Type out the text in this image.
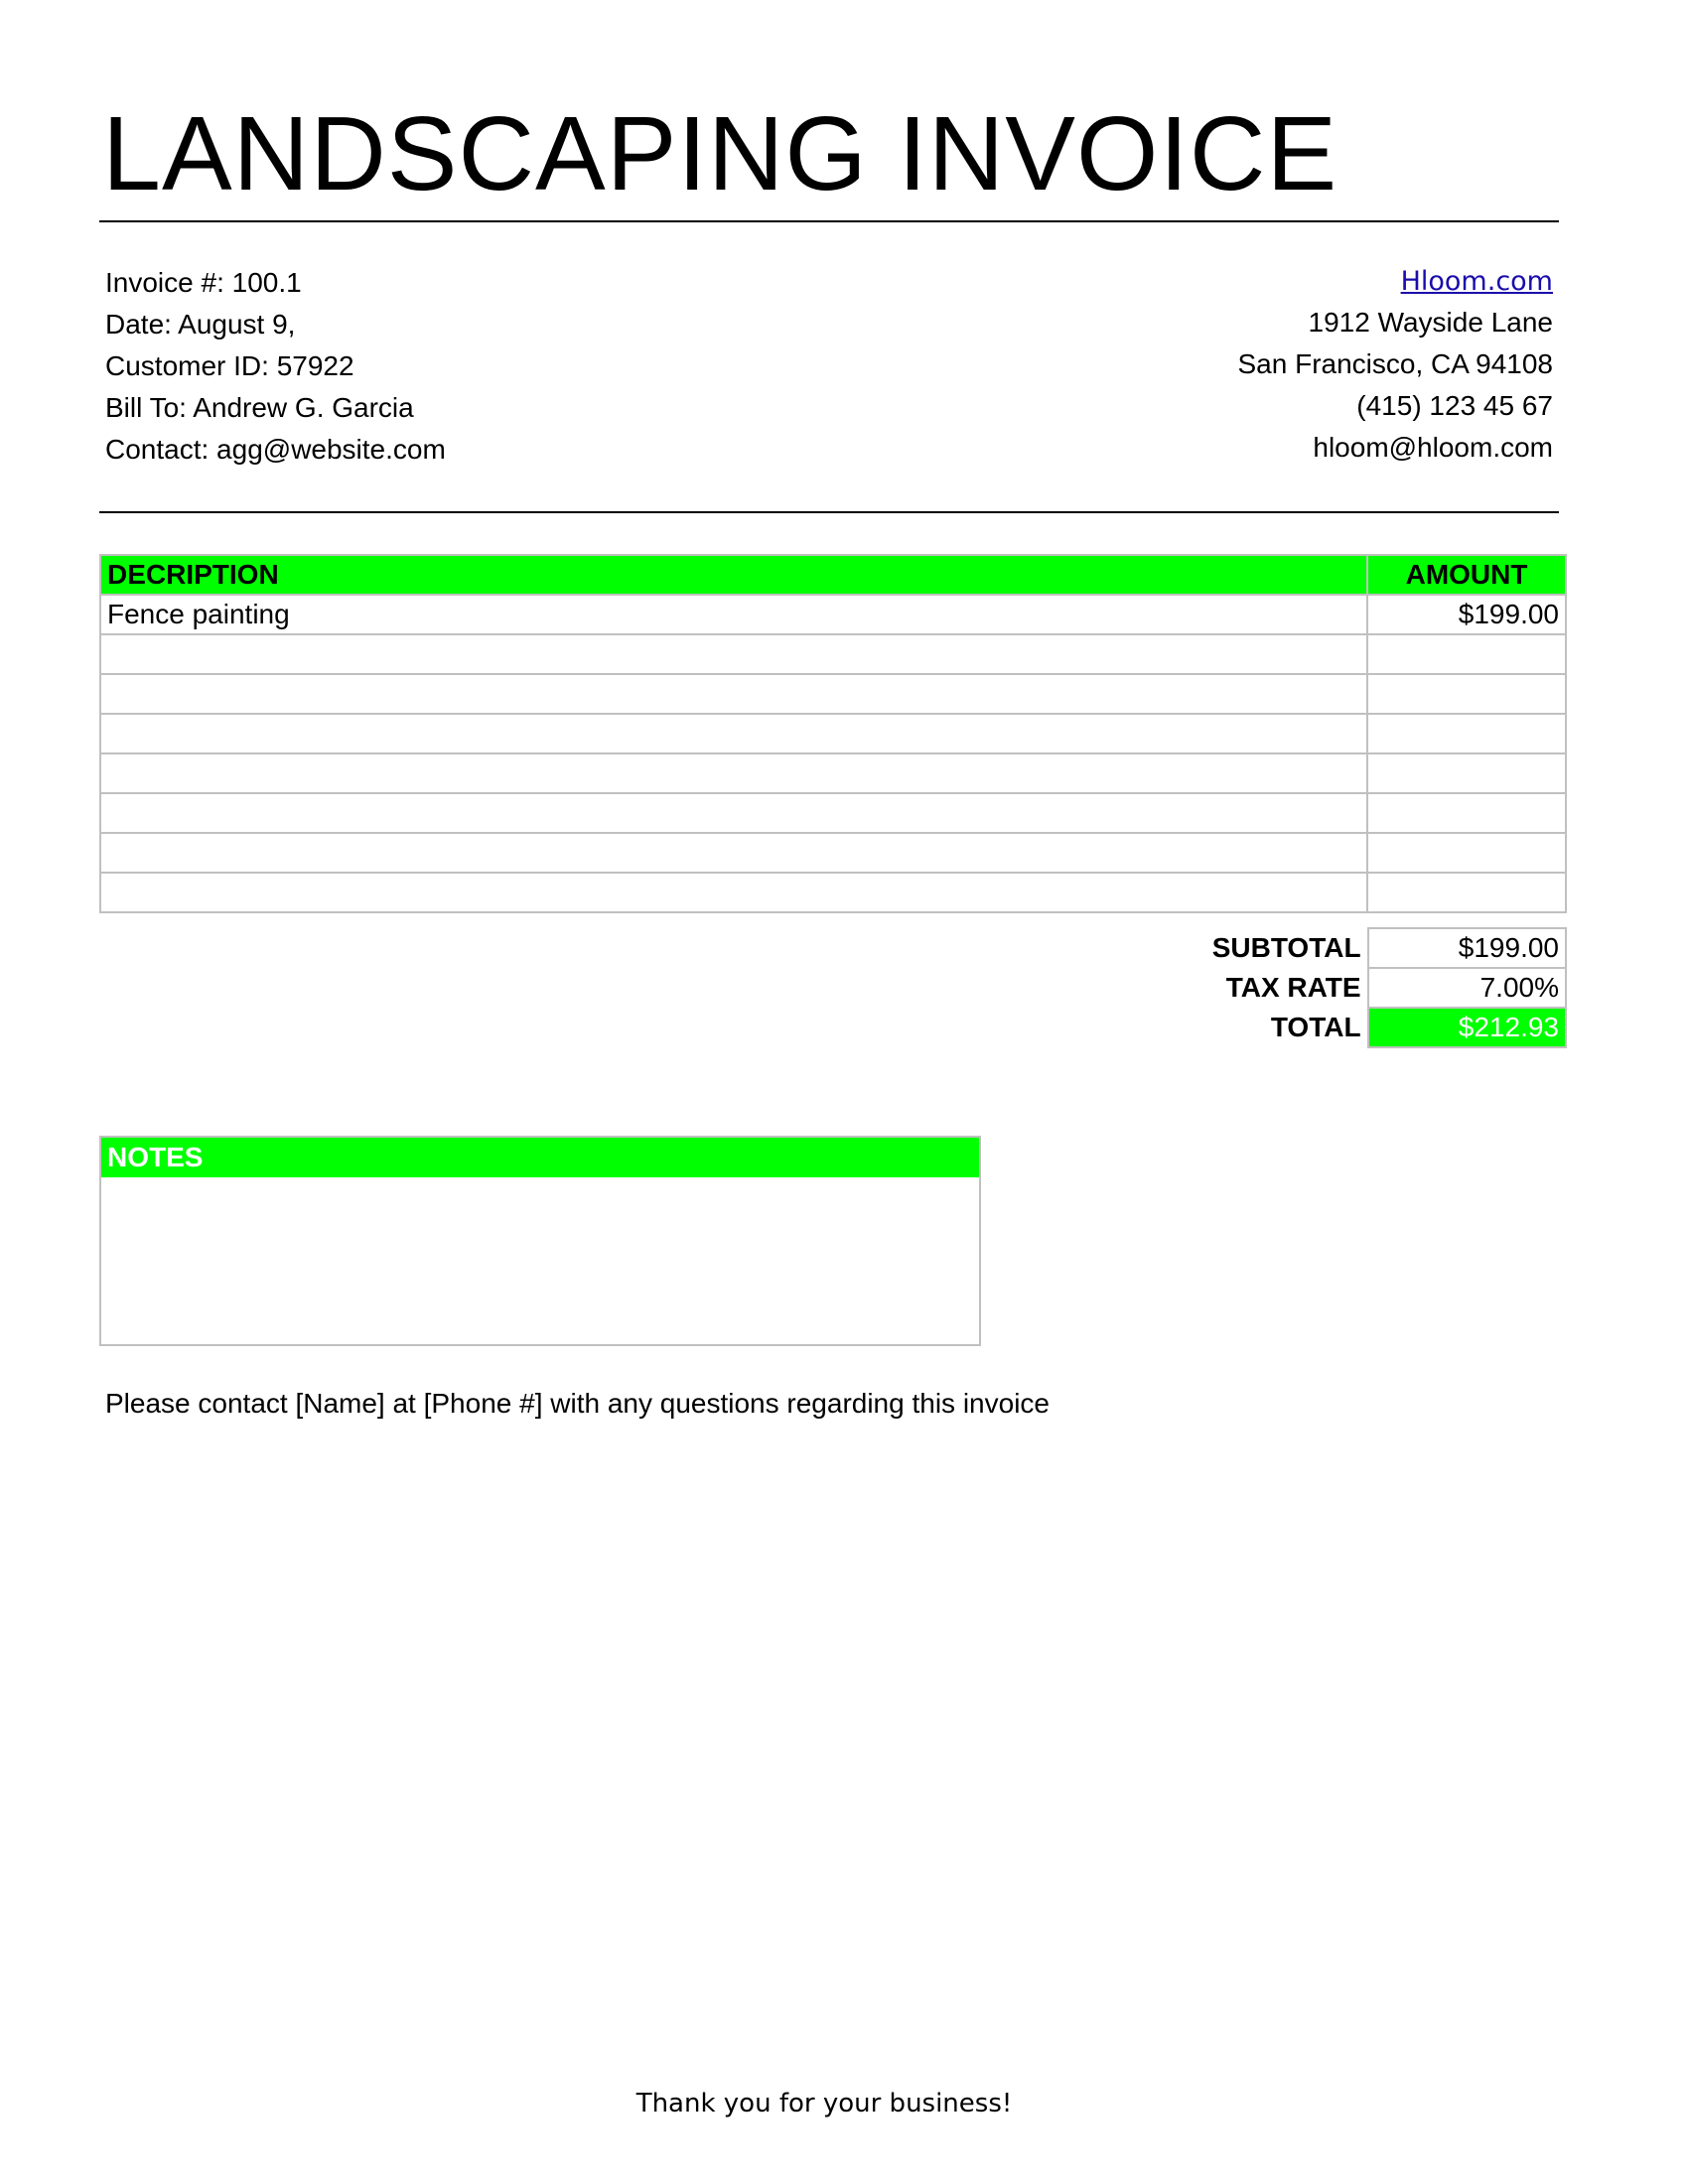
LANDSCAPING INVOICE
Invoice #: 100.1
Date: August 9,
Customer ID: 57922
Bill To: Andrew G. Garcia
Contact: agg@website.com
Hloom.com
1912 Wayside Lane
San Francisco, CA 94108
(415) 123 45 67
hloom@hloom.com
DECRIPTION	AMOUNT
Fence painting	$199.00

SUBTOTAL	$199.00
TAX RATE	7.00%
TOTAL	$212.93
NOTES
Please contact [Name] at [Phone #] with any questions regarding this invoice
Thank you for your business!
